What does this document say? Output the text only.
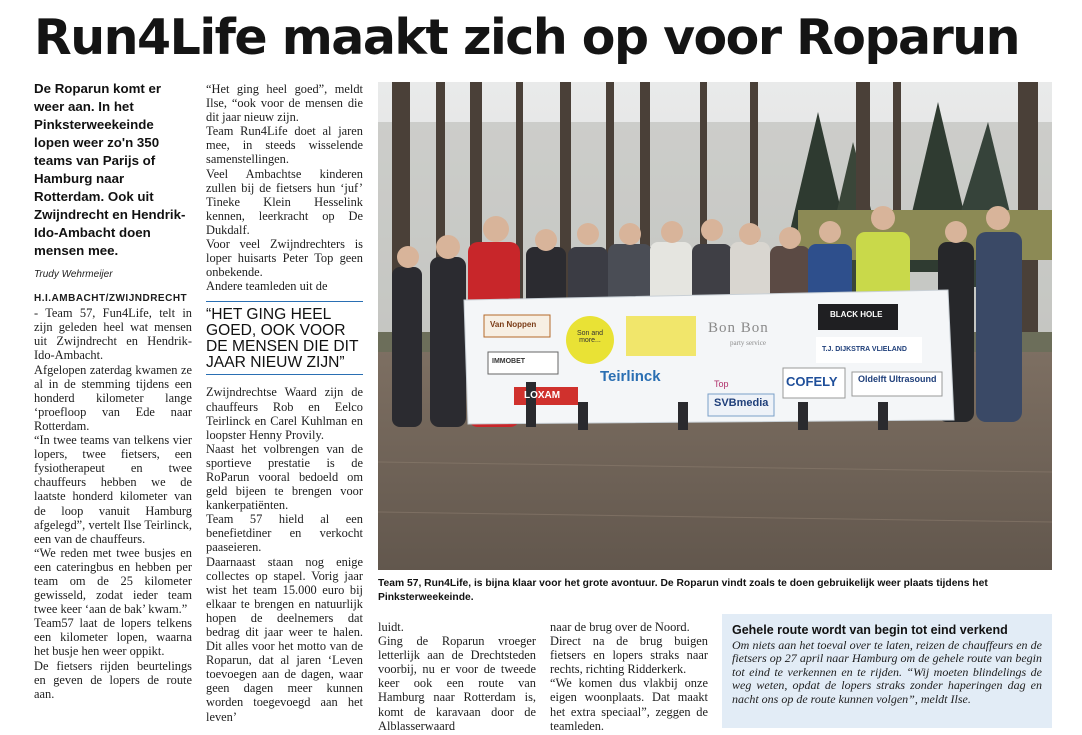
Run4Life maakt zich op voor Roparun

De Roparun komt er weer aan. In het Pinksterweekeinde lopen weer zo'n 350 teams van Parijs of Hamburg naar Rotterdam. Ook uit Zwijndrecht en Hendrik-Ido-Ambacht doen mensen mee.

Trudy Wehrmeijer

H.I.AMBACHT/ZWIJNDRECHT - Team 57, Fun4Life, telt in zijn geleden heel wat mensen uit Zwijndrecht en Hendrik-Ido-Ambacht.

Afgelopen zaterdag kwamen ze al in de stemming tijdens een honderd kilometer lange ‘proefloop van Ede naar Rotterdam.

“In twee teams van telkens vier lopers, twee fietsers, een fysiotherapeut en twee chauffeurs hebben we de laatste honderd kilometer van de loop vanuit Hamburg afgelegd”, vertelt Ilse Teirlinck, een van de chauffeurs.

“We reden met twee busjes en een cateringbus en hebben per team om de 25 kilometer gewisseld, zodat ieder team twee keer ‘aan de bak’ kwam.”

Team57 laat de lopers telkens een kilometer lopen, waarna het busje hen weer oppikt.

De fietsers rijden beurtelings en geven de lopers de route aan.

“Het ging heel goed”, meldt Ilse, “ook voor de mensen die dit jaar nieuw zijn.

Team Run4Life doet al jaren mee, in steeds wisselende samenstellingen.

Veel Ambachtse kinderen zullen bij de fietsers hun ‘juf’ Tineke Klein Hesselink kennen, leerkracht op De Dukdalf.

Voor veel Zwijndrechters is loper huisarts Peter Top geen onbekende.

Andere teamleden uit de

“HET GING HEEL GOED, OOK VOOR DE MENSEN DIE DIT JAAR NIEUW ZIJN”

Zwijndrechtse Waard zijn de chauffeurs Rob en Eelco Teirlinck en Carel Kuhlman en loopster Henny Provily.

Naast het volbrengen van de sportieve prestatie is de RoParun vooral bedoeld om geld bijeen te brengen voor kankerpatiënten.

Team 57 hield al een benefietdiner en verkocht paaseieren.

Daarnaast staan nog enige collectes op stapel. Vorig jaar wist het team 15.000 euro bij elkaar te brengen en natuurlijk hopen de deelnemers dat bedrag dit jaar weer te halen. Dit alles voor het motto van de Roparun, dat al jaren ‘Leven toevoegen aan de dagen, waar geen dagen meer kunnen worden toegevoegd aan het leven’

Van Noppen
Son and more...
Bon Bon
party service
BLACK HOLE
IMMOBET
T.J. DIJKSTRA VLIELAND
LOXAM
Teirlinck	Top
SVBmedia
COFELY Oldelft Ultrasound

Team 57, Run4Life, is bijna klaar voor het grote avontuur. De Roparun vindt zoals te doen gebruikelijk weer plaats tijdens het Pinksterweekeinde.

luidt.

Ging de Roparun vroeger letterlijk aan de Drechtsteden voorbij, nu er voor de tweede keer ook een route van Hamburg naar Rotterdam is, komt de karavaan door de Alblasserwaard

naar de brug over de Noord.

Direct na de brug buigen fietsers en lopers straks naar rechts, richting Ridderkerk.

“We komen dus vlakbij onze eigen woonplaats. Dat maakt het extra speciaal”, zeggen de teamleden.

Gehele route wordt van begin tot eind verkend

Om niets aan het toeval over te laten, reizen de chauffeurs en de fietsers op 27 april naar Hamburg om de gehele route van begin tot eind te verkennen en te rijden. “Wij moeten blindelings de weg weten, opdat de lopers straks zonder haperingen dag en nacht ons op de route kunnen volgen”, meldt Ilse.
